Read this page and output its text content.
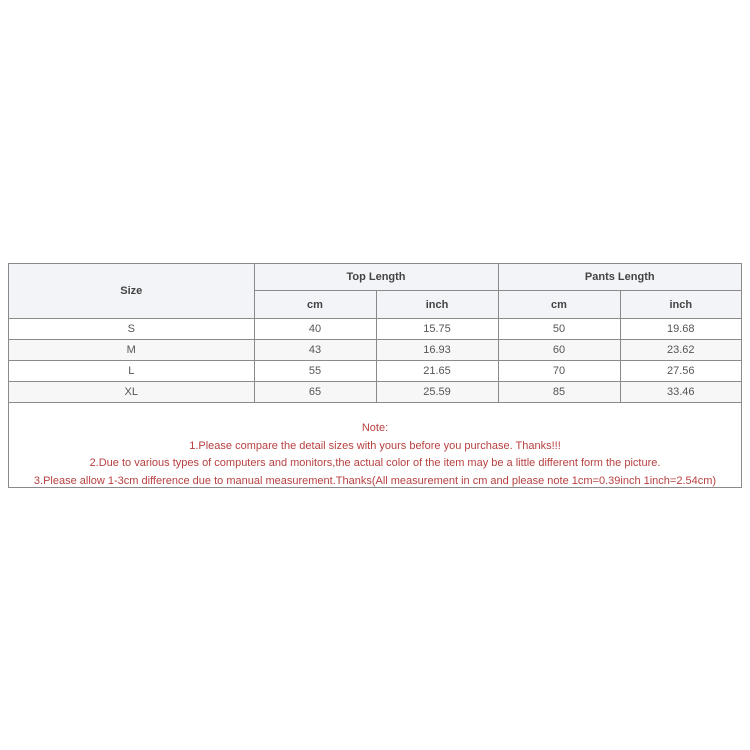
Size	Top Length		Pants Length	
	cm	inch	cm	inch
S	40	15.75	50	19.68
M	43	16.93	60	23.62
L	55	21.65	70	27.56
XL	65	25.59	85	33.46
Note:
1.Please compare the detail sizes with yours before you purchase. Thanks!!!
2.Due to various types of computers and monitors,the actual color of the item may be a little different form the picture.
3.Please allow 1-3cm difference due to manual measurement.Thanks(All measurement in cm and please note 1cm=0.39inch 1inch=2.54cm)
